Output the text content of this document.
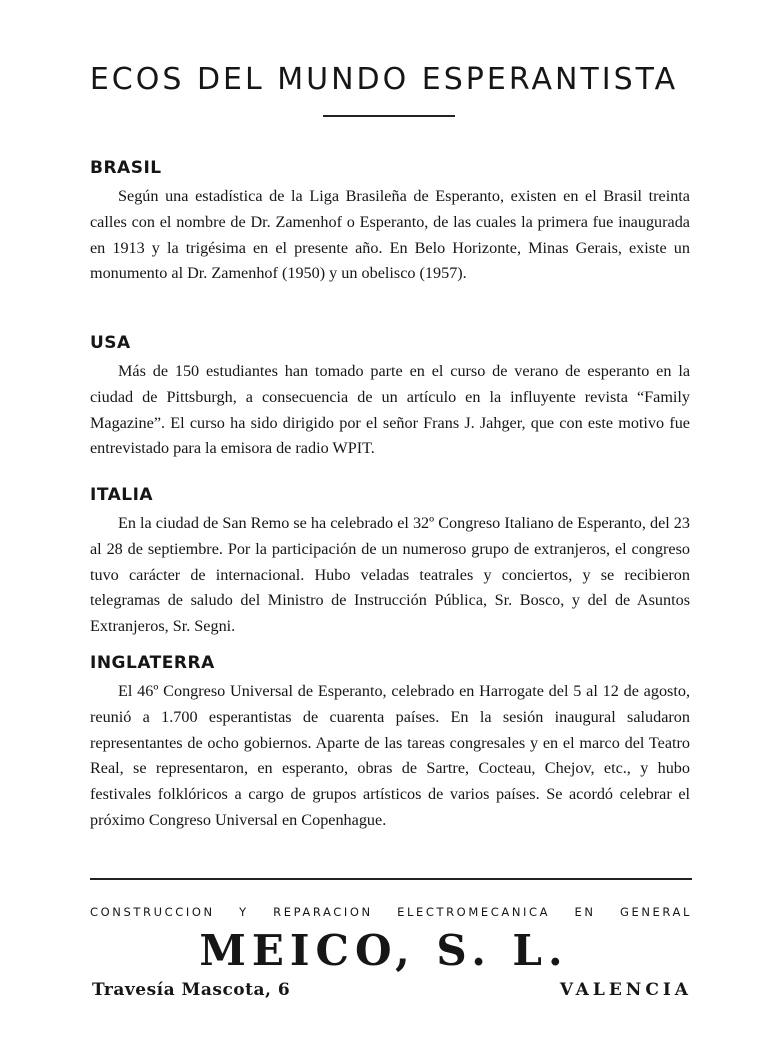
ECOS DEL MUNDO ESPERANTISTA
BRASIL

Según una estadística de la Liga Brasileña de Esperanto, existen en el Brasil treinta calles con el nombre de Dr. Zamenhof o Esperanto, de las cuales la primera fue inaugurada en 1913 y la trigésima en el presente año. En Belo Horizonte, Minas Gerais, existe un monumento al Dr. Zamenhof (1950) y un obelisco (1957).

USA

Más de 150 estudiantes han tomado parte en el curso de verano de esperanto en la ciudad de Pittsburgh, a consecuencia de un artículo en la influyente revista “Family Magazine”. El curso ha sido dirigido por el señor Frans J. Jahger, que con este motivo fue entrevistado para la emisora de radio WPIT.

ITALIA

En la ciudad de San Remo se ha celebrado el 32º Congreso Italiano de Esperanto, del 23 al 28 de septiembre. Por la participación de un numeroso grupo de extranjeros, el congreso tuvo carácter de internacional. Hubo veladas teatrales y conciertos, y se recibieron telegramas de saludo del Ministro de Instrucción Pública, Sr. Bosco, y del de Asuntos Extranjeros, Sr. Segni.

INGLATERRA

El 46º Congreso Universal de Esperanto, celebrado en Harrogate del 5 al 12 de agosto, reunió a 1.700 esperantistas de cuarenta países. En la sesión inaugural saludaron representantes de ocho gobiernos. Aparte de las tareas congresales y en el marco del Teatro Real, se representaron, en esperanto, obras de Sartre, Cocteau, Chejov, etc., y hubo festivales folklóricos a cargo de grupos artísticos de varios países. Se acordó celebrar el próximo Congreso Universal en Copenhague.

CONSTRUCCION Y REPARACION ELECTROMECANICA EN GENERAL
MEICO, S. L.
Travesía Mascota, 6	VALENCIA
